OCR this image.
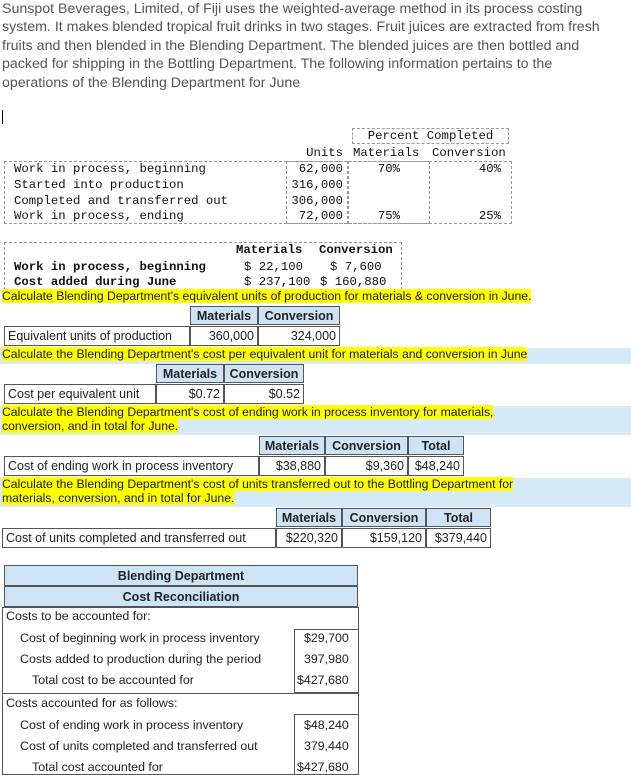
Sunspot Beverages, Limited, of Fiji uses the weighted-average method in its process costing system. It makes blended tropical fruit drinks in two stages. Fruit juices are extracted from fresh fruits and then blended in the Blending Department. The blended juices are then bottled and packed for shipping in the Bottling Department. The following information pertains to the operations of the Blending Department for June
Percent Completed
Units Materials Conversion
Work in process, beginning	62,000	70%	40%
Started into production	316,000
Completed and transferred out	306,000
Work in process, ending	72,000	75%	25%
Materials Conversion
Work in process, beginning	$ 22,100 $ 7,600
Cost added during June	$ 237,100 $ 160,880
Calculate Blending Department's equivalent units of production for materials & conversion in June.
Materials	Conversion
Equivalent units of production	360,000	324,000
Calculate the Blending Department's cost per equivalent unit for materials and conversion in June
Materials	Conversion
Cost per equivalent unit	$0.72	$0.52
Calculate the Blending Department's cost of ending work in process inventory for materials,
conversion, and in total for June.
Materials	Conversion	Total
Cost of ending work in process inventory	$38,880	$9,360 $48,240
Calculate the Blending Department's cost of units transferred out to the Bottling Department for
materials, conversion, and in total for June.
Materials	Conversion	Total
Cost of units completed and transferred out	$220,320	$159,120	$379,440
Blending Department
Cost Reconciliation
Costs to be accounted for:
Cost of beginning work in process inventory	$29,700
Costs added to production during the period	397,980
Total cost to be accounted for	$427,680
Costs accounted for as follows:
Cost of ending work in process inventory	$48,240
Cost of units completed and transferred out	379,440
Total cost accounted for	$427,680
